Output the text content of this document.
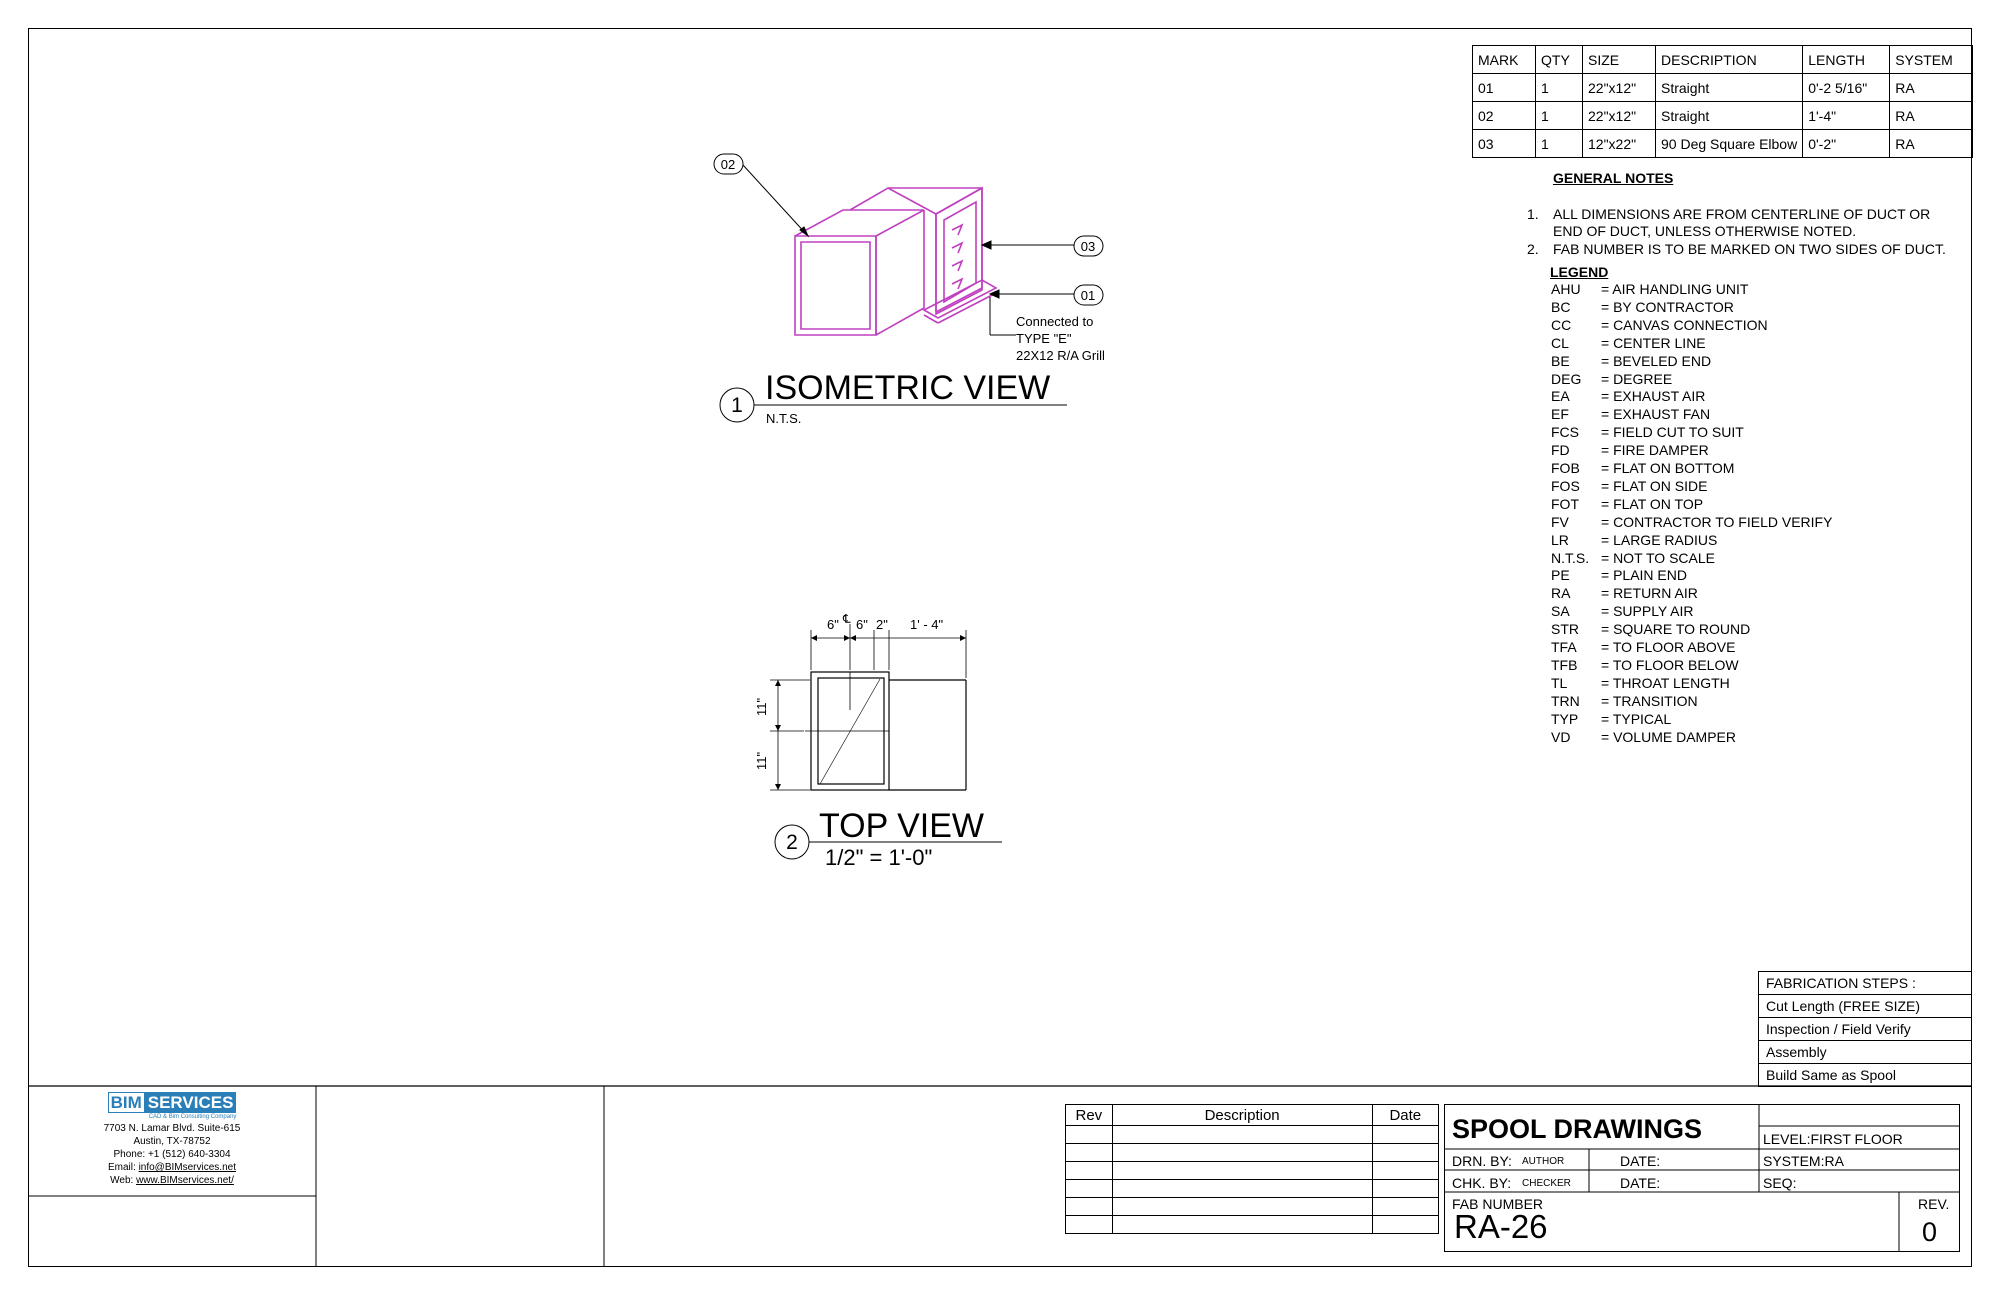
MARK	QTY	SIZE	DESCRIPTION	LENGTH	SYSTEM
01	1	22"x12"	Straight	0'-2 5/16"	RA
02	1	22"x12"	Straight	1'-4"	RA
03	1	12"x22"	90 Deg Square Elbow	0'-2"	RA
GENERAL NOTES
1. ALL DIMENSIONS ARE FROM CENTERLINE OF DUCT OR
END OF DUCT, UNLESS OTHERWISE NOTED.
2. FAB NUMBER IS TO BE MARKED ON TWO SIDES OF DUCT.
LEGEND
AHU = AIR HANDLING UNIT
BC = BY CONTRACTOR
CC = CANVAS CONNECTION
CL = CENTER LINE
BE = BEVELED END
DEG = DEGREE
EA = EXHAUST AIR
EF = EXHAUST FAN
FCS = FIELD CUT TO SUIT
FD = FIRE DAMPER
FOB = FLAT ON BOTTOM
FOS = FLAT ON SIDE
FOT = FLAT ON TOP
FV = CONTRACTOR TO FIELD VERIFY
LR = LARGE RADIUS
N.T.S. = NOT TO SCALE
PE = PLAIN END
RA = RETURN AIR
SA = SUPPLY AIR
STR = SQUARE TO ROUND
TFA = TO FLOOR ABOVE
TFB = TO FLOOR BELOW
TL = THROAT LENGTH
TRN = TRANSITION
TYP = TYPICAL
VD = VOLUME DAMPER
02
03
01
Connected to
TYPE "E"
22X12 R/A Grill
1 ISOMETRIC VIEW
N.T.S.
6" ℄ 6" 2" 1' - 4"
11"
11"
2 TOP VIEW
1/2" = 1'-0"
FABRICATION STEPS :
Cut Length (FREE SIZE)
Inspection / Field Verify
Assembly
Build Same as Spool
Rev	Description	Date

		SPOOL DRAWINGS	LEVEL:FIRST FLOOR
DRN. BY: AUTHOR	DATE:	SYSTEM:RA
CHK. BY: CHECKER	DATE:	SEQ:
FAB NUMBER
RA-26
REV.
0
BIM SERVICES
CAD & Bim Consulting Company
7703 N. Lamar Blvd. Suite-615
Austin, TX-78752
Phone: +1 (512) 640-3304
Email: info@BIMservices.net
Web: www.BIMservices.net/
